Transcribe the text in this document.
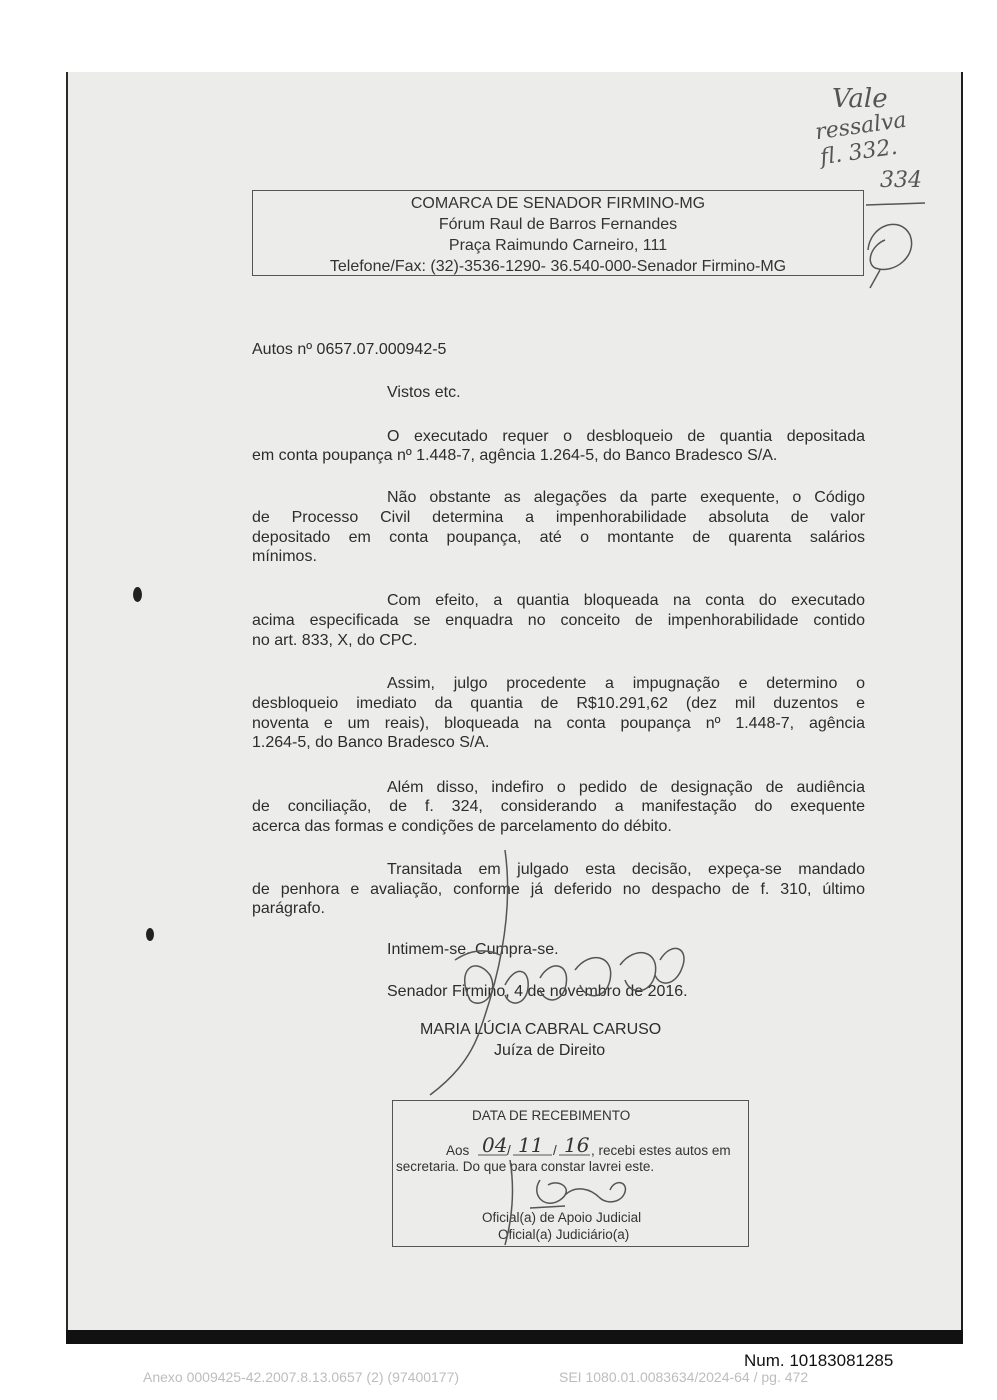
Vale
ressalva
fl. 332.
334
COMARCA DE SENADOR FIRMINO-MG
Fórum Raul de Barros Fernandes
Praça Raimundo Carneiro, 111
Telefone/Fax: (32)-3536-1290- 36.540-000-Senador Firmino-MG
Autos nº 0657.07.000942-5
Vistos etc.
O executado requer o desbloqueio de quantia depositada
em conta poupança nº 1.448-7, agência 1.264-5, do Banco Bradesco S/A.
Não obstante as alegações da parte exequente, o Código
de Processo Civil determina a impenhorabilidade absoluta de valor
depositado em conta poupança, até o montante de quarenta salários
mínimos.
Com efeito, a quantia bloqueada na conta do executado
acima especificada se enquadra no conceito de impenhorabilidade contido
no art. 833, X, do CPC.
Assim, julgo procedente a impugnação e determino o
desbloqueio imediato da quantia de R$10.291,62 (dez mil duzentos e
noventa e um reais), bloqueada na conta poupança nº 1.448-7, agência
1.264-5, do Banco Bradesco S/A.
Além disso, indefiro o pedido de designação de audiência
de conciliação, de f. 324, considerando a manifestação do exequente
acerca das formas e condições de parcelamento do débito.
Transitada em julgado esta decisão, expeça-se mandado
de penhora e avaliação, conforme já deferido no despacho de f. 310, último
parágrafo.
Intimem-se. Cumpra-se.
Senador Firmino, 4 de novembro de 2016.
MARIA LÚCIA CABRAL CARUSO
Juíza de Direito
DATA DE RECEBIMENTO
Aos 04 / 11 / 16 , recebi estes autos em
secretaria. Do que para constar lavrei este.
Oficial(a) de Apoio Judicial
Oficial(a) Judiciário(a)
Num. 10183081285
Anexo 0009425-42.2007.8.13.0657 (2) (97400177)	SEI 1080.01.0083634/2024-64 / pg. 472
